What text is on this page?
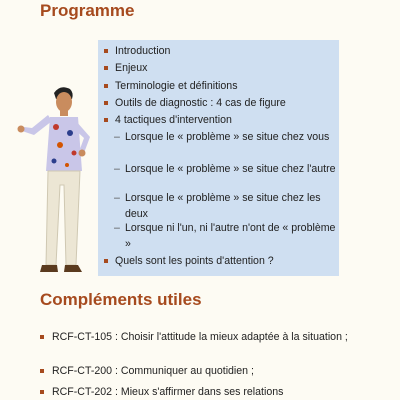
Programme
Introduction
Enjeux
Terminologie et définitions
Outils de diagnostic : 4 cas de figure
4 tactiques d'intervention
– Lorsque le « problème » se situe chez vous
– Lorsque le « problème » se situe chez l'autre
– Lorsque le « problème » se situe chez les deux
– Lorsque ni l'un, ni l'autre n'ont de « problème »
Quels sont les points d'attention ?
Compléments utiles
RCF-CT-105 : Choisir l'attitude la mieux adaptée à la situation ;
RCF-CT-200 : Communiquer au quotidien ;
RCF-CT-202 : Mieux s'affirmer dans ses relations
